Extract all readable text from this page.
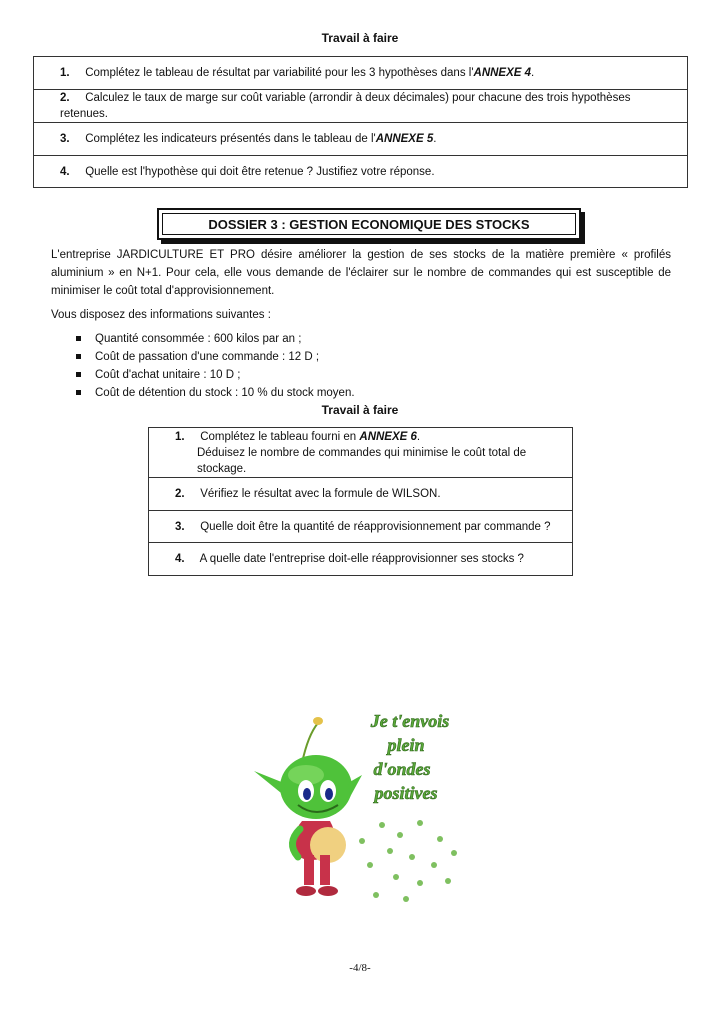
Travail à faire
1. Complétez le tableau de résultat par variabilité pour les 3 hypothèses dans l'ANNEXE 4.
2. Calculez le taux de marge sur coût variable (arrondir à deux décimales) pour chacune des trois hypothèses retenues.
3. Complétez les indicateurs présentés dans le tableau de l'ANNEXE 5.
4. Quelle est l'hypothèse qui doit être retenue ? Justifiez votre réponse.
DOSSIER 3 : GESTION ECONOMIQUE DES STOCKS
L'entreprise JARDICULTURE ET PRO désire améliorer la gestion de ses stocks de la matière première « profilés aluminium » en N+1. Pour cela, elle vous demande de l'éclairer sur le nombre de commandes qui est susceptible de minimiser le coût total d'approvisionnement.
Vous disposez des informations suivantes :
Quantité consommée : 600 kilos par an ;
Coût de passation d'une commande : 12 D ;
Coût d'achat unitaire : 10 D ;
Coût de détention du stock : 10 % du stock moyen.
Travail à faire
1. Complétez le tableau fourni en ANNEXE 6.
Déduisez le nombre de commandes qui minimise le coût total de stockage.
2. Vérifiez le résultat avec la formule de WILSON.
3. Quelle doit être la quantité de réapprovisionnement par commande ?
4. A quelle date l'entreprise doit-elle réapprovisionner ses stocks ?
Je t'envois
plein
d'ondes
positives
-4/8-
